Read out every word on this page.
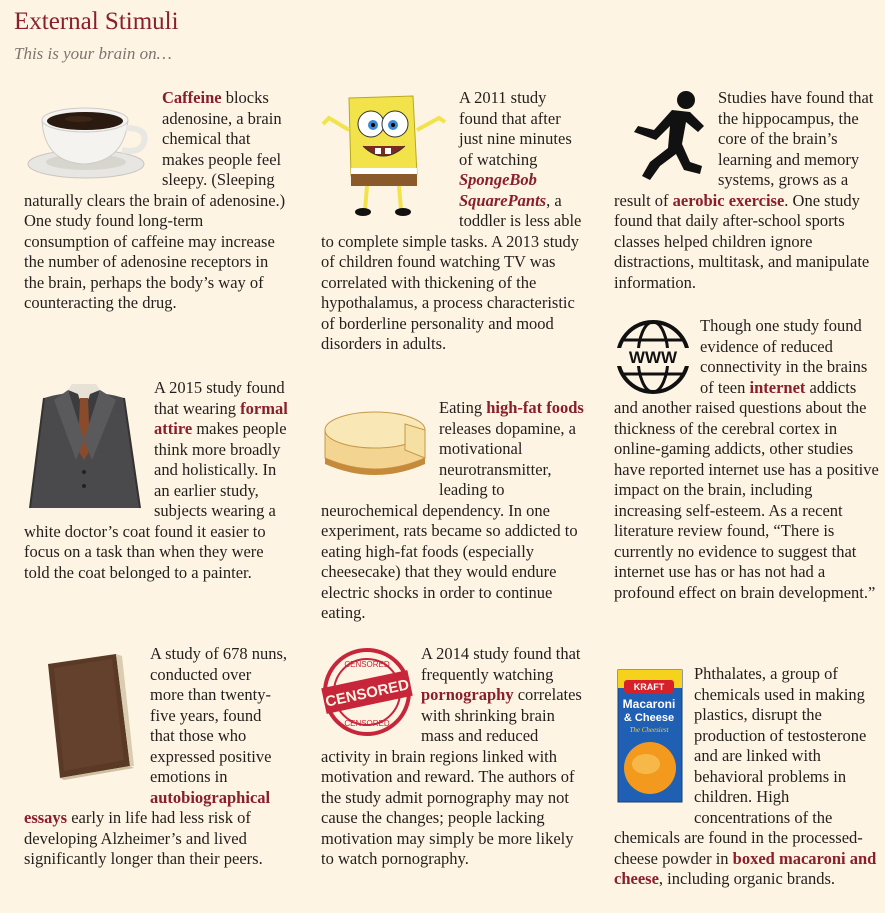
External Stimuli

This is your brain on…

Caffeine blocks adenosine, a brain chemical that makes people feel sleepy. (Sleeping naturally clears the brain of adenosine.) One study found long-term consumption of caffeine may increase the number of adenosine receptors in the brain, perhaps the body’s way of counteracting the drug.

A 2015 study found that wearing formal attire makes people think more broadly and holistically. In an earlier study, subjects wearing a white doctor’s coat found it easier to focus on a task than when they were told the coat belonged to a painter.

A study of 678 nuns, conducted over more than twenty-five years, found that those who expressed positive emotions in autobiographical essays early in life had less risk of developing Alzheimer’s and lived significantly longer than their peers.

A 2011 study found that after just nine minutes of watching SpongeBob SquarePants, a toddler is less able to complete simple tasks. A 2013 study of children found watching TV was correlated with thickening of the hypothalamus, a process characteristic of borderline personality and mood disorders in adults.

Eating high-fat foods releases dopamine, a motivational neurotransmitter, leading to neurochemical dependency. In one experiment, rats became so addicted to eating high-fat foods (especially cheesecake) that they would endure electric shocks in order to continue eating.

CENSORED
CENSORED
CENSORED

A 2014 study found that frequently watching pornography correlates with shrinking brain mass and reduced activity in brain regions linked with motivation and reward. The authors of the study admit pornography may not cause the changes; people lacking motivation may simply be more likely to watch pornography.

Studies have found that the hippocampus, the core of the brain’s learning and memory systems, grows as a result of aerobic exercise. One study found that daily after-school sports classes helped children ignore distractions, multitask, and manipulate information.

WWW

Though one study found evidence of reduced connectivity in the brains of teen internet addicts and another raised questions about the thickness of the cerebral cortex in online-gaming addicts, other studies have reported internet use has a positive impact on the brain, including increasing self-esteem. As a recent literature review found, “There is currently no evidence to suggest that internet use has or has not had a profound effect on brain development.”

KRAFT
Macaroni
& Cheese
The Cheesiest

Phthalates, a group of chemicals used in making plastics, disrupt the production of testosterone and are linked with behavioral problems in children. High concentrations of the chemicals are found in the processed-cheese powder in boxed macaroni and cheese, including organic brands.
